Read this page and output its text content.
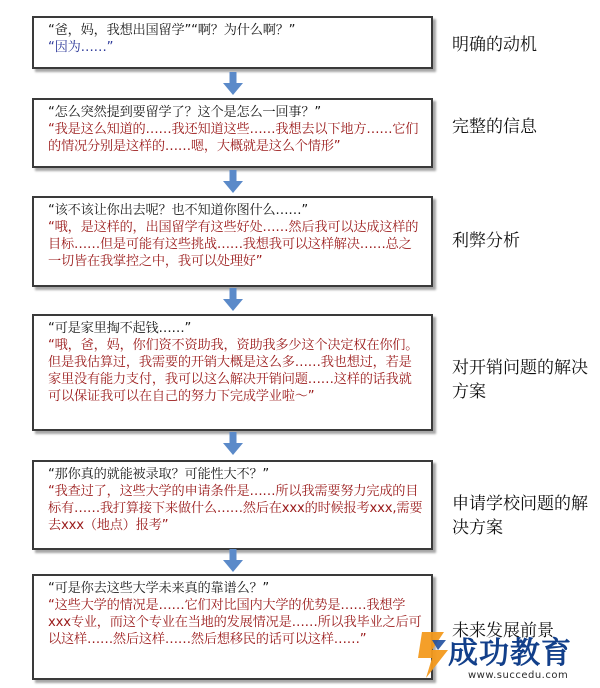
“爸，妈，我想出国留学”“啊？为什么啊？”
“因为……”	明确的动机
“怎么突然提到要留学了？这个是怎么一回事？”
“我是这么知道的……我还知道这些……我想去以下地方……它们的情况分别是这样的……嗯，大概就是这么个情形”
完整的信息
“该不该让你出去呢？也不知道你图什么……”
“哦，是这样的，出国留学有这些好处……然后我可以达成这样的目标……但是可能有这些挑战……我想我可以这样解决……总之一切皆在我掌控之中，我可以处理好”
利弊分析
“可是家里掏不起钱……”
“哦，爸，妈，你们资不资助我，资助我多少这个决定权在你们。但是我估算过，我需要的开销大概是这么多……我也想过，若是家里没有能力支付，我可以这么解决开销问题……这样的话我就可以保证我可以在自己的努力下完成学业啦～”
对开销问题的解决方案
“那你真的就能被录取？可能性大不？”
“我查过了，这些大学的申请条件是……所以我需要努力完成的目标有……我打算接下来做什么……然后在xxx的时候报考xxx,需要去xxx（地点）报考”
申请学校问题的解决方案
“可是你去这些大学未来真的靠谱么？”
“这些大学的情况是……它们对比国内大学的优势是……我想学xxx专业，而这个专业在当地的发展情况是……所以我毕业之后可以这样……然后这样……然后想移民的话可以这样……”	未来发展前景
成功教育
www.succedu.com
